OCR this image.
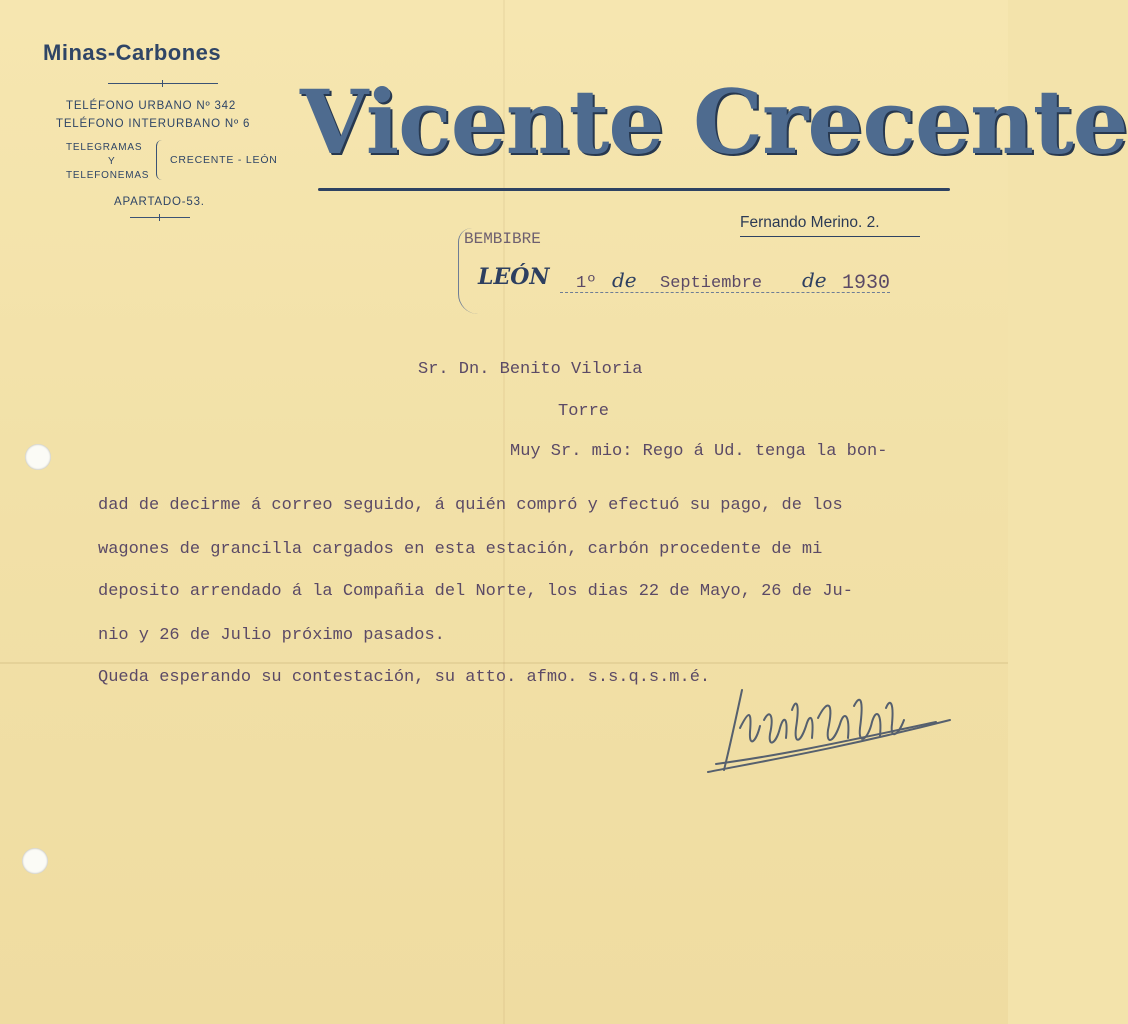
Minas-Carbones
TELÉFONO URBANO Nº 342
TELÉFONO INTERURBANO Nº 6
TELEGRAMAS
Y
TELEFONEMAS
CRECENTE - LEÓN
APARTADO-53.
Vicente Crecente
Fernando Merino. 2.
BEMBIBRE
LEÓN 1º de Septiembre de 1930
Sr. Dn. Benito Viloria
Torre
Muy Sr. mio: Rego á Ud. tenga la bon-
dad de decirme á correo seguido, á quién compró y efectuó su pago, de los
wagones de grancilla cargados en esta estación, carbón procedente de mi
deposito arrendado á la Compañia del Norte, los dias 22 de Mayo, 26 de Ju-
nio y 26 de Julio próximo pasados.
Queda esperando su contestación, su atto. afmo. s.s.q.s.m.é.
